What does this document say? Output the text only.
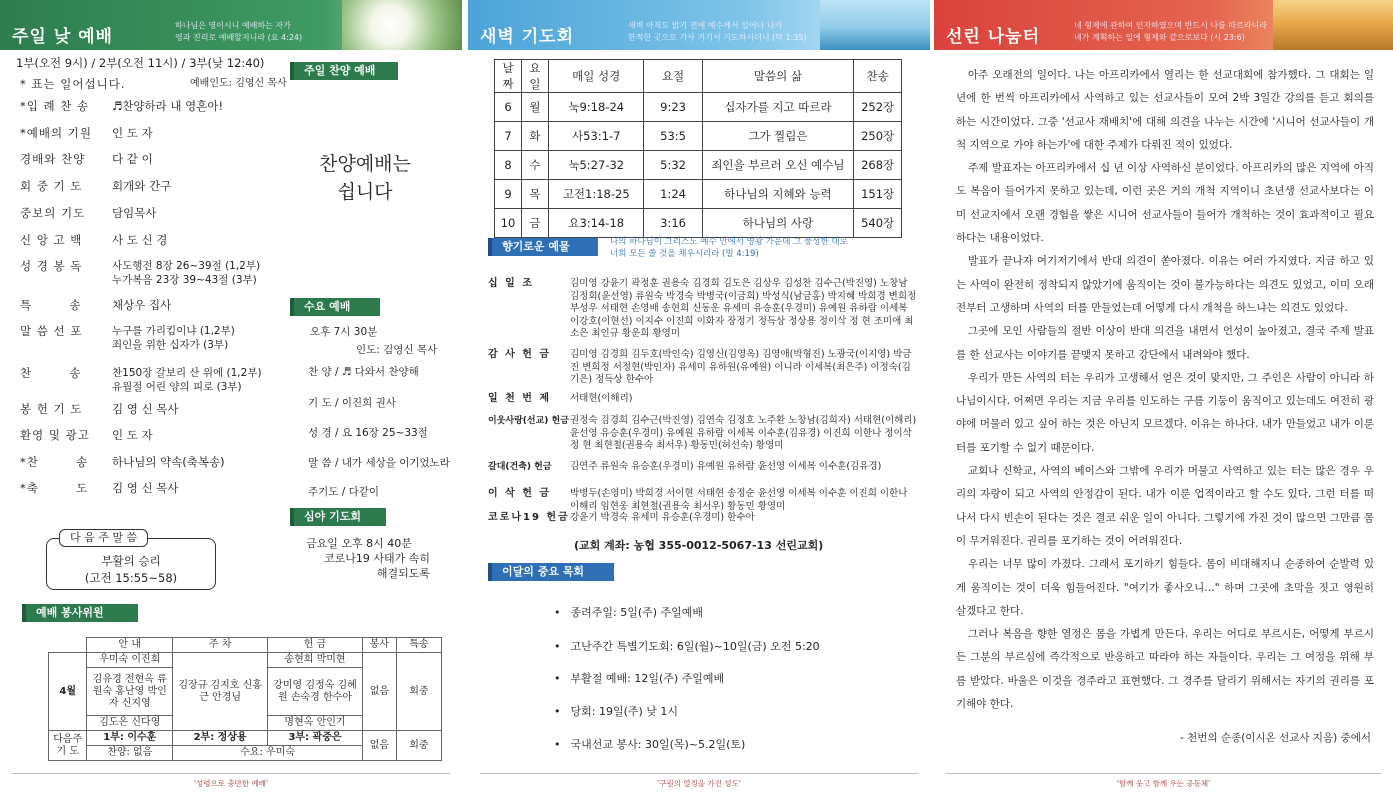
주일 낮 예배
하나님은 영이시니 예배하는 자가
영과 진리로 예배할지니라 (요 4:24)
1부(오전 9시) / 2부(오전 11시) / 3부(낮 12:40)
* 표는 일어섭니다.	예배인도: 김영신 목사
*입 례 찬 송	♬찬양하라 내 영혼아!
*예배의 기원	인 도 자
경배와 찬양	다 같 이
회 중 기 도	회개와 간구
중보의 기도	담임목사
신 앙 고 백	사 도 신 경
성 경 봉 독	사도행전 8장 26~39절 (1,2부)
누가복음 23장 39~43절 (3부)
특        송	채상우 집사
말 씀 선 포	누구를 가리킴이냐 (1,2부)
죄인을 위한 십자가 (3부)
찬        송	찬150장 갈보리 산 위에 (1,2부)
유월절 어린 양의 피로 (3부)
봉 헌 기 도	김 영 신 목사
환영 및 광고	인 도 자
*찬        송	하나님의 약속(축복송)
*축        도	김 영 신 목사
주일 찬양 예배
찬양예배는
쉽니다
수요 예배
오후 7시 30분
인도: 김영신 목사
찬 양 / ♬ 다와서 찬양해
기 도 / 이진희 권사
성 경 / 요 16장 25~33절
말 씀 / 내가 세상을 이기었노라
주기도 / 다같이
심야 기도회
금요일 오후 8시 40분
코로나19 사태가 속히
해결되도록
다 음 주 말 씀
부활의 승리
(고전 15:55~58)
예배 봉사위원
	안 내	주 차	헌 금	봉사	특송
4월	우미숙 이진희	김장규 김지호 신홍근 안경님	송현희 박미현	없음	회중
	김유경 전현옥 류원숙 홍난영 박인자 신지영		강미영 김정옥 김혜원 손숙경 한수아		
	김도은 신다영		명현옥 안인기		
다음주 기 도	1부: 이수훈	2부: 정상용	3부: 곽중은	없음	회중
	찬양: 없음	수요: 우미숙			
'성령으로 충만한 예배'
새벽 기도회
새벽 아직도 밝기 전에 예수께서 일어나 나가
한적한 곳으로 가사 거기서 기도하시더니 (막 1:35)
날짜	요일	매일 성경	요절	말씀의 삶	찬송
6	월	눅9:18-24	9:23	십자가를 지고 따르라	252장
7	화	사53:1-7	53:5	그가 찔림은	250장
8	수	눅5:27-32	5:32	죄인을 부르러 오신 예수님	268장
9	목	고전1:18-25	1:24	하나님의 지혜와 능력	151장
10	금	요3:14-18	3:16	하나님의 사랑	540장
향기로운 예물	나의 하나님이 그리스도 예수 안에서 영광 가운데 그 풍성한 대로
너희 모든 쓸 것을 채우시리라 (빌 4:19)
십 일 조	김미영 강윤기 곽정훈 권용숙 김경희 김도은 김상우 김성찬 김수근(박진영) 노창남 김정회(윤선영) 류원숙 박경숙 박병국(이금희) 박성식(남금홍) 박지혜 박희경 변희정 부성우 서태현 손영배 송현희 신동운 유세미 유승훈(우경미) 유예원 유하람 이세복 이강호(이현선) 이지수 이진희 이화자 장정기 정득상 정상용 정이삭 정 현 조미애 최소은 최인규 황운희 황영미
감 사 헌 금	김미영 김경희 김두호(박인숙) 김영신(김영옥) 김영애(박형진) 노광국(이지영) 박금진 변희정 서정현(박인자) 유세미 유하원(유예원) 이니라 이세복(최은주) 이정숙(김기은) 정득상 한수아
일 천 번 제	서태현(이해리)
이웃사랑(선교) 헌금 권정숙 김경희 김수근(박진영) 김연숙 김정호 노주환 노창남(김희자) 서태현(이해리) 윤선영 유승훈(우경미) 유예원 유하람 이세복 이수훈(김유경) 이진희 이한나 정이삭 정 현 최현철(권용숙 최서우) 황동민(허선숙) 황영미
갈대(건축) 헌금	김연주 류원숙 유승훈(우경미) 유예원 유하람 윤선영 이세복 이수훈(김유경)
이 삭 헌 금	박병두(손영미) 박희경 서이현 서태현 송정순 윤선영 이세복 이수훈 이진희 이한나 이해리 임현웅 최현철(권용숙 최서우) 황동민 황영미
코로나19 헌금 강윤기 박경숙 유세미 유승훈(우경미) 한수아
(교회 계좌: 농협 355-0012-5067-13 선린교회)
이달의 중요 목회
• 종려주일: 5일(주) 주일예배
• 고난주간 특별기도회: 6일(월)~10일(금) 오전 5:20
• 부활절 예배: 12일(주) 주일예배
• 당회: 19일(주) 낮 1시
• 국내선교 봉사: 30일(목)~5.2일(토)
'구원의 열정을 가진 성도'
선린 나눔터
네 형제에 관하여 인자하였으며 반드시 나를 따르라니라
네가 계획하는 일에 형제와 같으로보다 (시 23:6)

아주 오래전의 일이다. 나는 아프리카에서 열리는 한 선교대회에 참가했다. 그 대회는 일 년에 한 번씩 아프리카에서 사역하고 있는 선교사들이 모여 2박 3일간 강의를 듣고 회의를 하는 시간이었다. 그중 '선교사 재배치'에 대해 의견을 나누는 시간에 '시니어 선교사들이 개척 지역으로 가야 하는가'에 대한 주제가 다뤄진 적이 있었다.

주제 발표자는 아프리카에서 십 년 이상 사역하신 분이었다. 아프리카의 많은 지역에 아직도 복음이 들어가지 못하고 있는데, 이런 곳은 거의 개척 지역이니 초년생 선교사보다는 이미 선교지에서 오랜 경험을 쌓은 시니어 선교사들이 들어가 개척하는 것이 효과적이고 필요하다는 내용이었다.

발표가 끝나자 여기저기에서 반대 의견이 쏟아졌다. 이유는 여러 가지였다. 지금 하고 있는 사역이 완전히 정착되지 않았기에 움직이는 것이 불가능하다는 의견도 있었고, 이미 오래전부터 고생하며 사역의 터를 만들었는데 어떻게 다시 개척을 하느냐는 의견도 있었다.

그곳에 모인 사람들의 절반 이상이 반대 의견을 내면서 언성이 높아졌고, 결국 주제 발표를 한 선교사는 이야기를 끝맺지 못하고 강단에서 내려와야 했다.

우리가 만든 사역의 터는 우리가 고생해서 얻은 것이 맞지만, 그 주인은 사람이 아니라 하나님이시다. 어쩌면 우리는 지금 우리를 인도하는 구름 기둥이 움직이고 있는데도 여전히 광야에 머물러 있고 싶어 하는 것은 아닌지 모르겠다. 이유는 하나다. 내가 만들었고 내가 이룬 터를 포기할 수 없기 때문이다.

교회나 신학교, 사역의 베이스와 그밖에 우리가 머물고 사역하고 있는 터는 많은 경우 우리의 자랑이 되고 사역의 안정감이 된다. 내가 이룬 업적이라고 할 수도 있다. 그런 터를 떠나서 다시 빈손이 된다는 것은 결코 쉬운 일이 아니다. 그렇기에 가진 것이 많으면 그만큼 몸이 무거워진다. 권리를 포기하는 것이 어려워진다.

우리는 너무 많이 가졌다. 그래서 포기하기 힘들다. 몸이 비대해지니 순종하여 순발력 있게 움직이는 것이 더욱 힘들어진다. "여기가 좋사오니…" 하며 그곳에 초막을 짓고 영원히 살겠다고 한다.

그러나 복음을 향한 열정은 몸을 가볍게 만든다. 우리는 어디로 부르시든, 어떻게 부르시든 그분의 부르심에 즉각적으로 반응하고 따라야 하는 자들이다. 우리는 그 여정을 위해 부름 받았다. 바울은 이것을 경주라고 표현했다. 그 경주를 달리기 위해서는 자기의 권리를 포기해야 한다.

- 천번의 순종(이시온 선교사 지음) 중에서
'함께 웃고 함께 우는 공동체'
